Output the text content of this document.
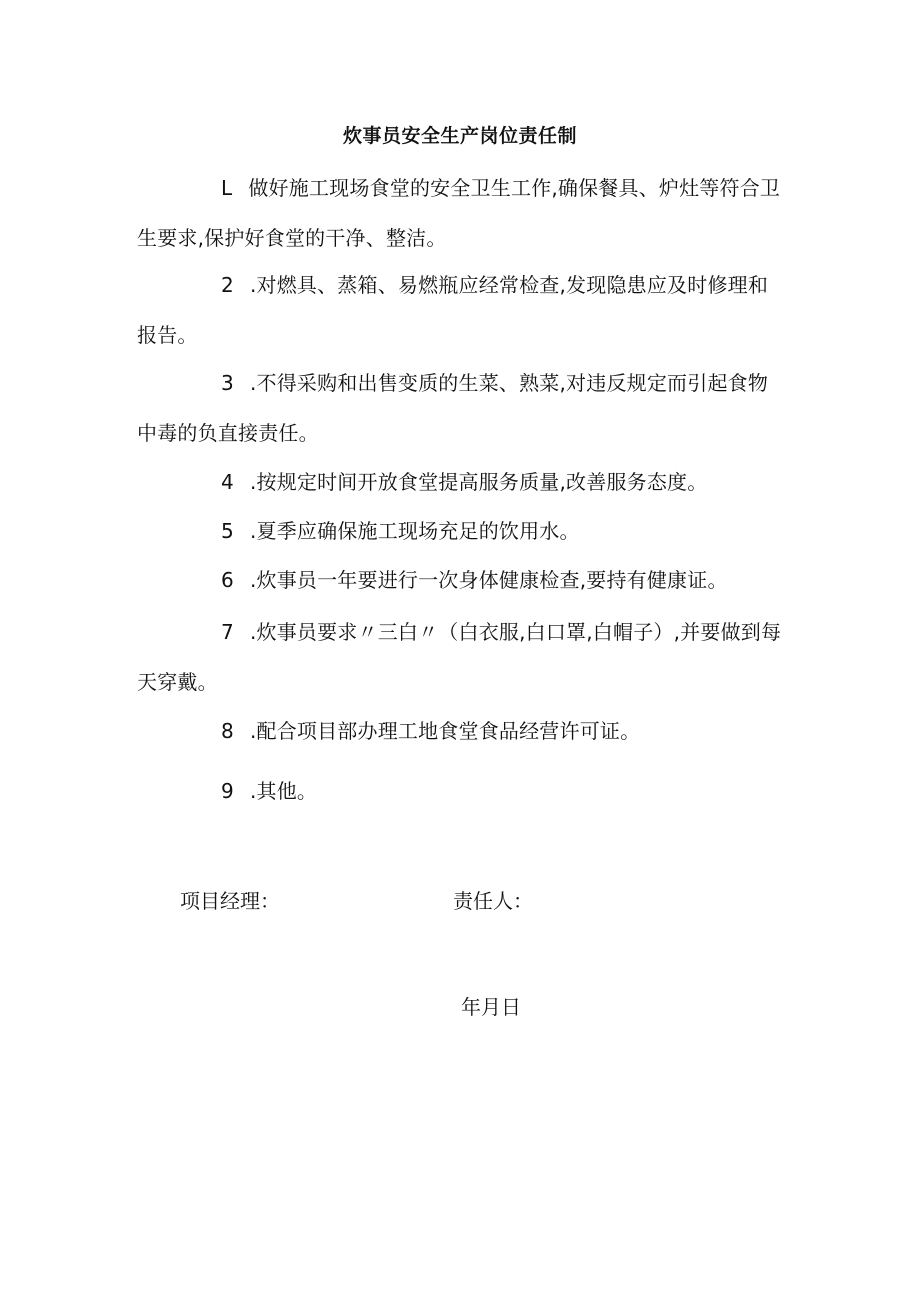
炊事员安全生产岗位责任制
L 做好施工现场食堂的安全卫生工作,确保餐具、炉灶等符合卫生要求,保护好食堂的干净、整洁。
2 .对燃具、蒸箱、易燃瓶应经常检查,发现隐患应及时修理和报告。
3 .不得采购和出售变质的生菜、熟菜,对违反规定而引起食物中毒的负直接责任。
4 .按规定时间开放食堂提高服务质量,改善服务态度。
5 .夏季应确保施工现场充足的饮用水。
6 .炊事员一年要进行一次身体健康检查,要持有健康证。
7 .炊事员要求〃三白〃（白衣服,白口罩,白帽子）,并要做到每天穿戴。
8 .配合项目部办理工地食堂食品经营许可证。
9 .其他。
项目经理：	责任人：
年月日
